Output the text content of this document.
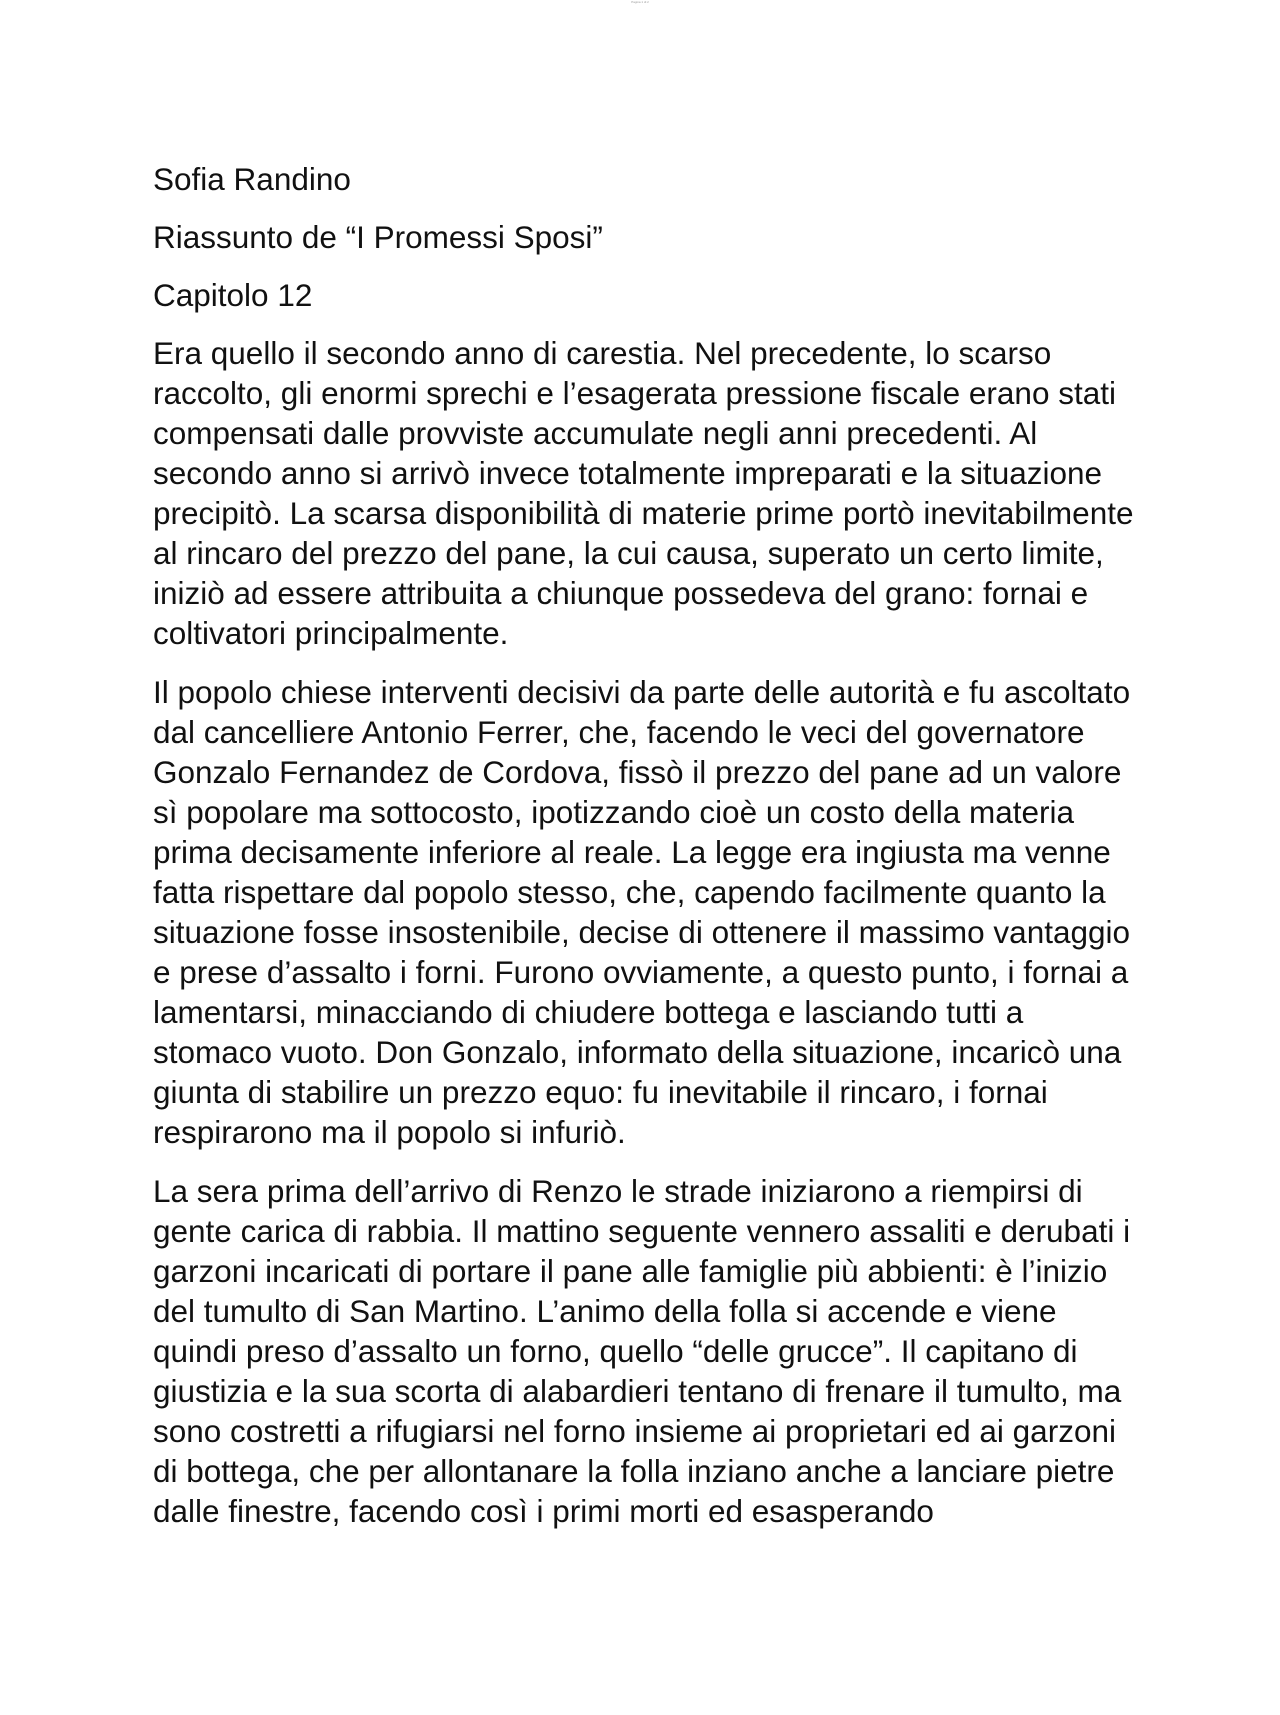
Pagina 1 di 2

Sofia Randino

Riassunto de “I Promessi Sposi”

Capitolo 12

Era quello il secondo anno di carestia. Nel precedente, lo scarso raccolto, gli enormi sprechi e l’esagerata pressione fiscale erano stati compensati dalle provviste accumulate negli anni precedenti. Al secondo anno si arrivò invece totalmente impreparati e la situazione precipitò. La scarsa disponibilità di materie prime portò inevitabilmente al rincaro del prezzo del pane, la cui causa, superato un certo limite, iniziò ad essere attribuita a chiunque possedeva del grano: fornai e coltivatori principalmente.

Il popolo chiese interventi decisivi da parte delle autorità e fu ascoltato dal cancelliere Antonio Ferrer, che, facendo le veci del governatore Gonzalo Fernandez de Cordova, fissò il prezzo del pane ad un valore sì popolare ma sottocosto, ipotizzando cioè un costo della materia prima decisamente inferiore al reale. La legge era ingiusta ma venne fatta rispettare dal popolo stesso, che, capendo facilmente quanto la situazione fosse insostenibile, decise di ottenere il massimo vantaggio e prese d’assalto i forni. Furono ovviamente, a questo punto, i fornai a lamentarsi, minacciando di chiudere bottega e lasciando tutti a stomaco vuoto. Don Gonzalo, informato della situazione, incaricò una giunta di stabilire un prezzo equo: fu inevitabile il rincaro, i fornai respirarono ma il popolo si infuriò.

La sera prima dell’arrivo di Renzo le strade iniziarono a riempirsi di gente carica di rabbia. Il mattino seguente vennero assaliti e derubati i garzoni incaricati di portare il pane alle famiglie più abbienti: è l’inizio del tumulto di San Martino. L’animo della folla si accende e viene quindi preso d’assalto un forno, quello “delle grucce”. Il capitano di giustizia e la sua scorta di alabardieri tentano di frenare il tumulto, ma sono costretti a rifugiarsi nel forno insieme ai proprietari ed ai garzoni di bottega, che per allontanare la folla inziano anche a lanciare pietre dalle finestre, facendo così i primi morti ed esasperando
